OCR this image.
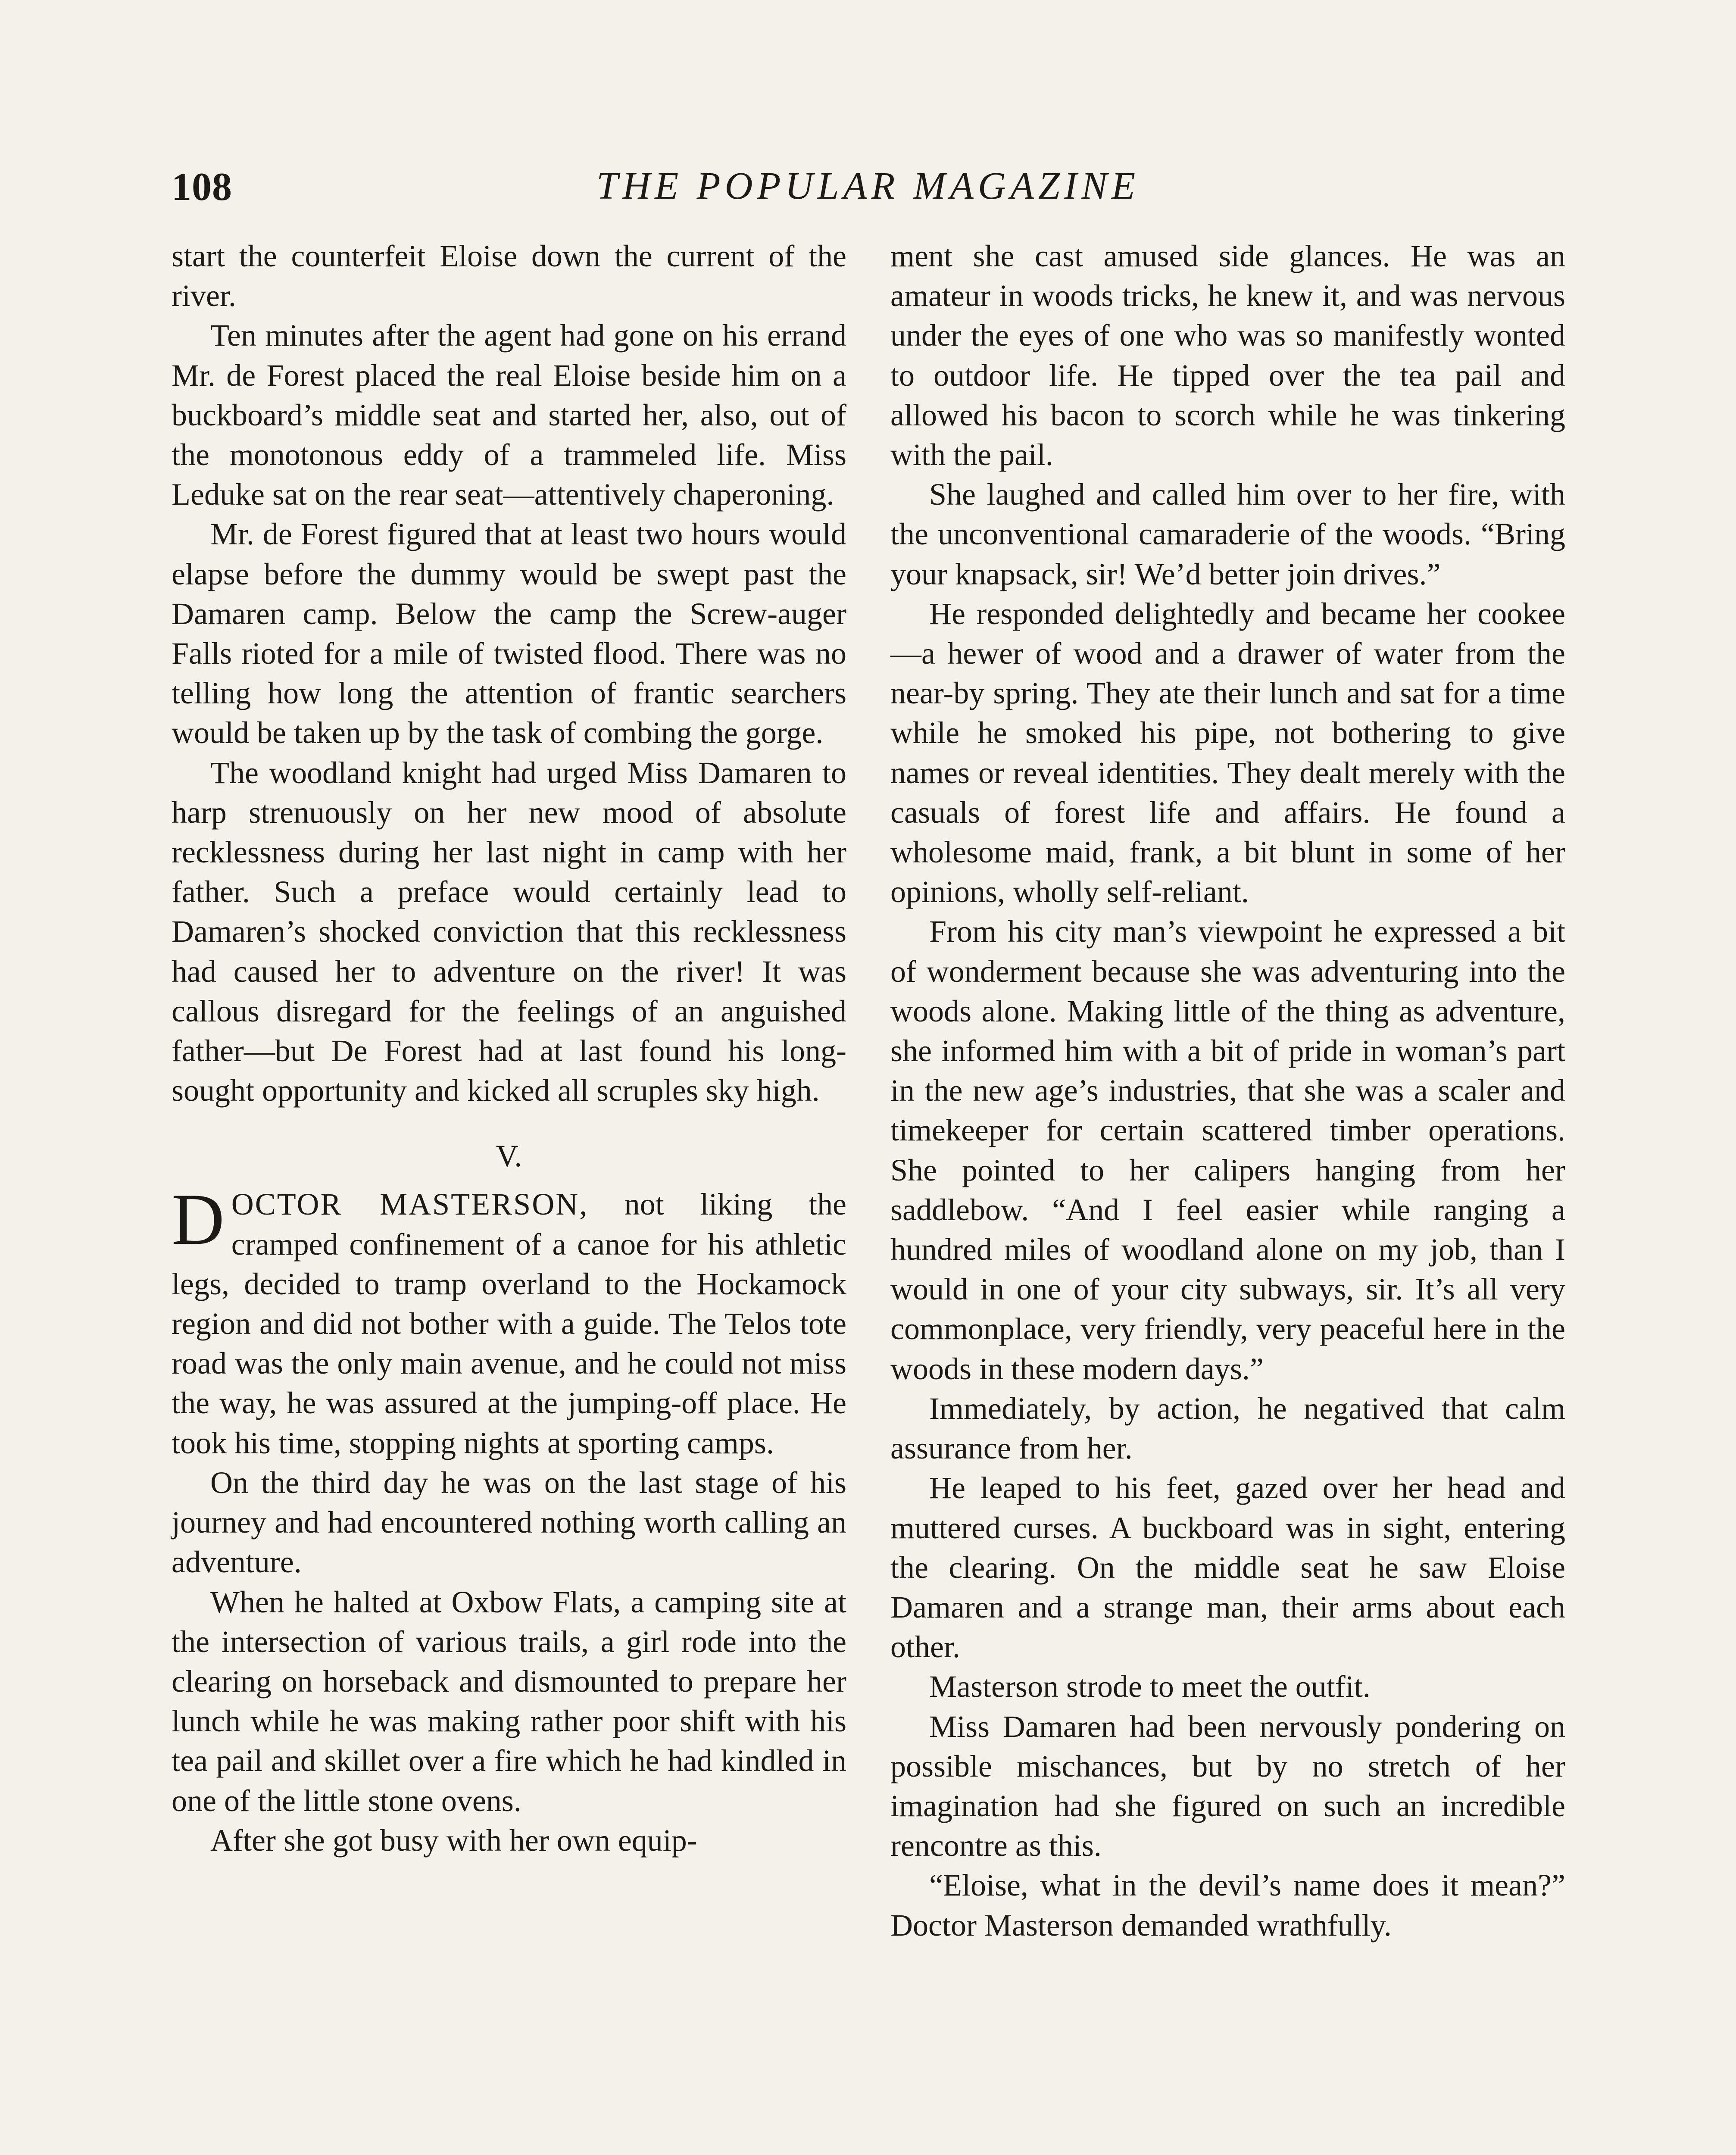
108	THE POPULAR MAGAZINE

start the counterfeit Eloise down the current of the river.

Ten minutes after the agent had gone on his errand Mr. de Forest placed the real Eloise beside him on a buckboard’s middle seat and started her, also, out of the monotonous eddy of a trammeled life. Miss Leduke sat on the rear seat—attentively chaperoning.

Mr. de Forest figured that at least two hours would elapse before the dummy would be swept past the Damaren camp. Below the camp the Screw-auger Falls rioted for a mile of twisted flood. There was no telling how long the attention of frantic searchers would be taken up by the task of combing the gorge.

The woodland knight had urged Miss Damaren to harp strenuously on her new mood of absolute recklessness during her last night in camp with her father. Such a preface would certainly lead to Damaren’s shocked conviction that this recklessness had caused her to adventure on the river! It was callous disregard for the feelings of an anguished father—but De Forest had at last found his long-sought opportunity and kicked all scruples sky high.

V.

DOCTOR MASTERSON, not liking the cramped confinement of a canoe for his athletic legs, decided to tramp overland to the Hockamock region and did not bother with a guide. The Telos tote road was the only main avenue, and he could not miss the way, he was assured at the jumping-off place. He took his time, stopping nights at sporting camps.

On the third day he was on the last stage of his journey and had encountered nothing worth calling an adventure.

When he halted at Oxbow Flats, a camping site at the intersection of various trails, a girl rode into the clearing on horseback and dismounted to prepare her lunch while he was making rather poor shift with his tea pail and skillet over a fire which he had kindled in one of the little stone ovens.

After she got busy with her own equip-

ment she cast amused side glances. He was an amateur in woods tricks, he knew it, and was nervous under the eyes of one who was so manifestly wonted to outdoor life. He tipped over the tea pail and allowed his bacon to scorch while he was tinkering with the pail.

She laughed and called him over to her fire, with the unconventional camaraderie of the woods. “Bring your knapsack, sir! We’d better join drives.”

He responded delightedly and became her cookee—a hewer of wood and a drawer of water from the near-by spring. They ate their lunch and sat for a time while he smoked his pipe, not bothering to give names or reveal identities. They dealt merely with the casuals of forest life and affairs. He found a wholesome maid, frank, a bit blunt in some of her opinions, wholly self-reliant.

From his city man’s viewpoint he expressed a bit of wonderment because she was adventuring into the woods alone. Making little of the thing as adventure, she informed him with a bit of pride in woman’s part in the new age’s industries, that she was a scaler and timekeeper for certain scattered timber operations. She pointed to her calipers hanging from her saddlebow. “And I feel easier while ranging a hundred miles of woodland alone on my job, than I would in one of your city subways, sir. It’s all very commonplace, very friendly, very peaceful here in the woods in these modern days.”

Immediately, by action, he negatived that calm assurance from her.

He leaped to his feet, gazed over her head and muttered curses. A buckboard was in sight, entering the clearing. On the middle seat he saw Eloise Damaren and a strange man, their arms about each other.

Masterson strode to meet the outfit.

Miss Damaren had been nervously pondering on possible mischances, but by no stretch of her imagination had she figured on such an incredible rencontre as this.

“Eloise, what in the devil’s name does it mean?” Doctor Masterson demanded wrathfully.
